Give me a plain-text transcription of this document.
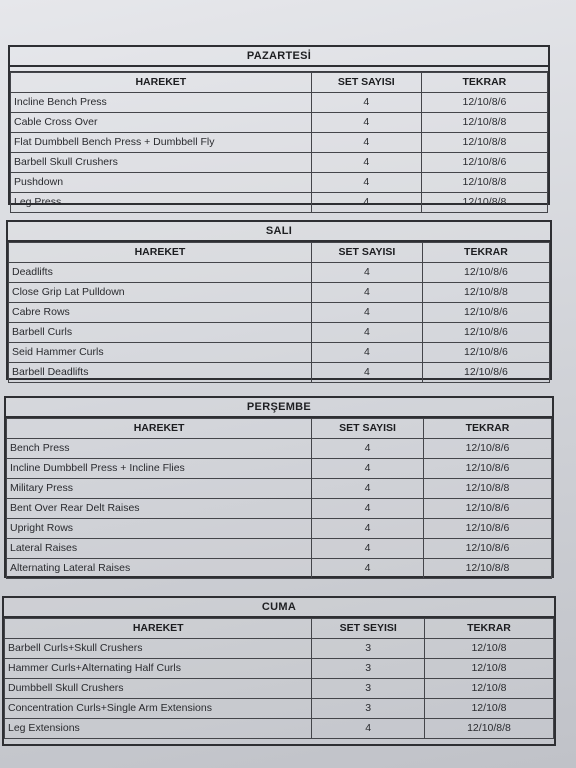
PAZARTESİ
HAREKET	SET SAYISI	TEKRAR
Incline Bench Press	4	12/10/8/6
Cable Cross Over	4	12/10/8/8
Flat Dumbbell Bench Press + Dumbbell Fly	4	12/10/8/8
Barbell Skull Crushers	4	12/10/8/6
Pushdown	4	12/10/8/8
Leg Press	4	12/10/8/8
SALI
HAREKET	SET SAYISI	TEKRAR
Deadlifts	4	12/10/8/6
Close Grip Lat Pulldown	4	12/10/8/8
Cabre Rows	4	12/10/8/6
Barbell Curls	4	12/10/8/6
Seid Hammer Curls	4	12/10/8/6
Barbell Deadlifts	4	12/10/8/6
PERŞEMBE
HAREKET	SET SAYISI	TEKRAR
Bench Press	4	12/10/8/6
Incline Dumbbell Press + Incline Flies	4	12/10/8/6
Military Press	4	12/10/8/8
Bent Over Rear Delt Raises	4	12/10/8/6
Upright Rows	4	12/10/8/6
Lateral Raises	4	12/10/8/6
Alternating Lateral Raises	4	12/10/8/8
CUMA
HAREKET	SET SEYISI	TEKRAR
Barbell Curls+Skull Crushers	3	12/10/8
Hammer Curls+Alternating Half Curls	3	12/10/8
Dumbbell Skull Crushers	3	12/10/8
Concentration Curls+Single Arm Extensions	3	12/10/8
Leg Extensions	4	12/10/8/8
